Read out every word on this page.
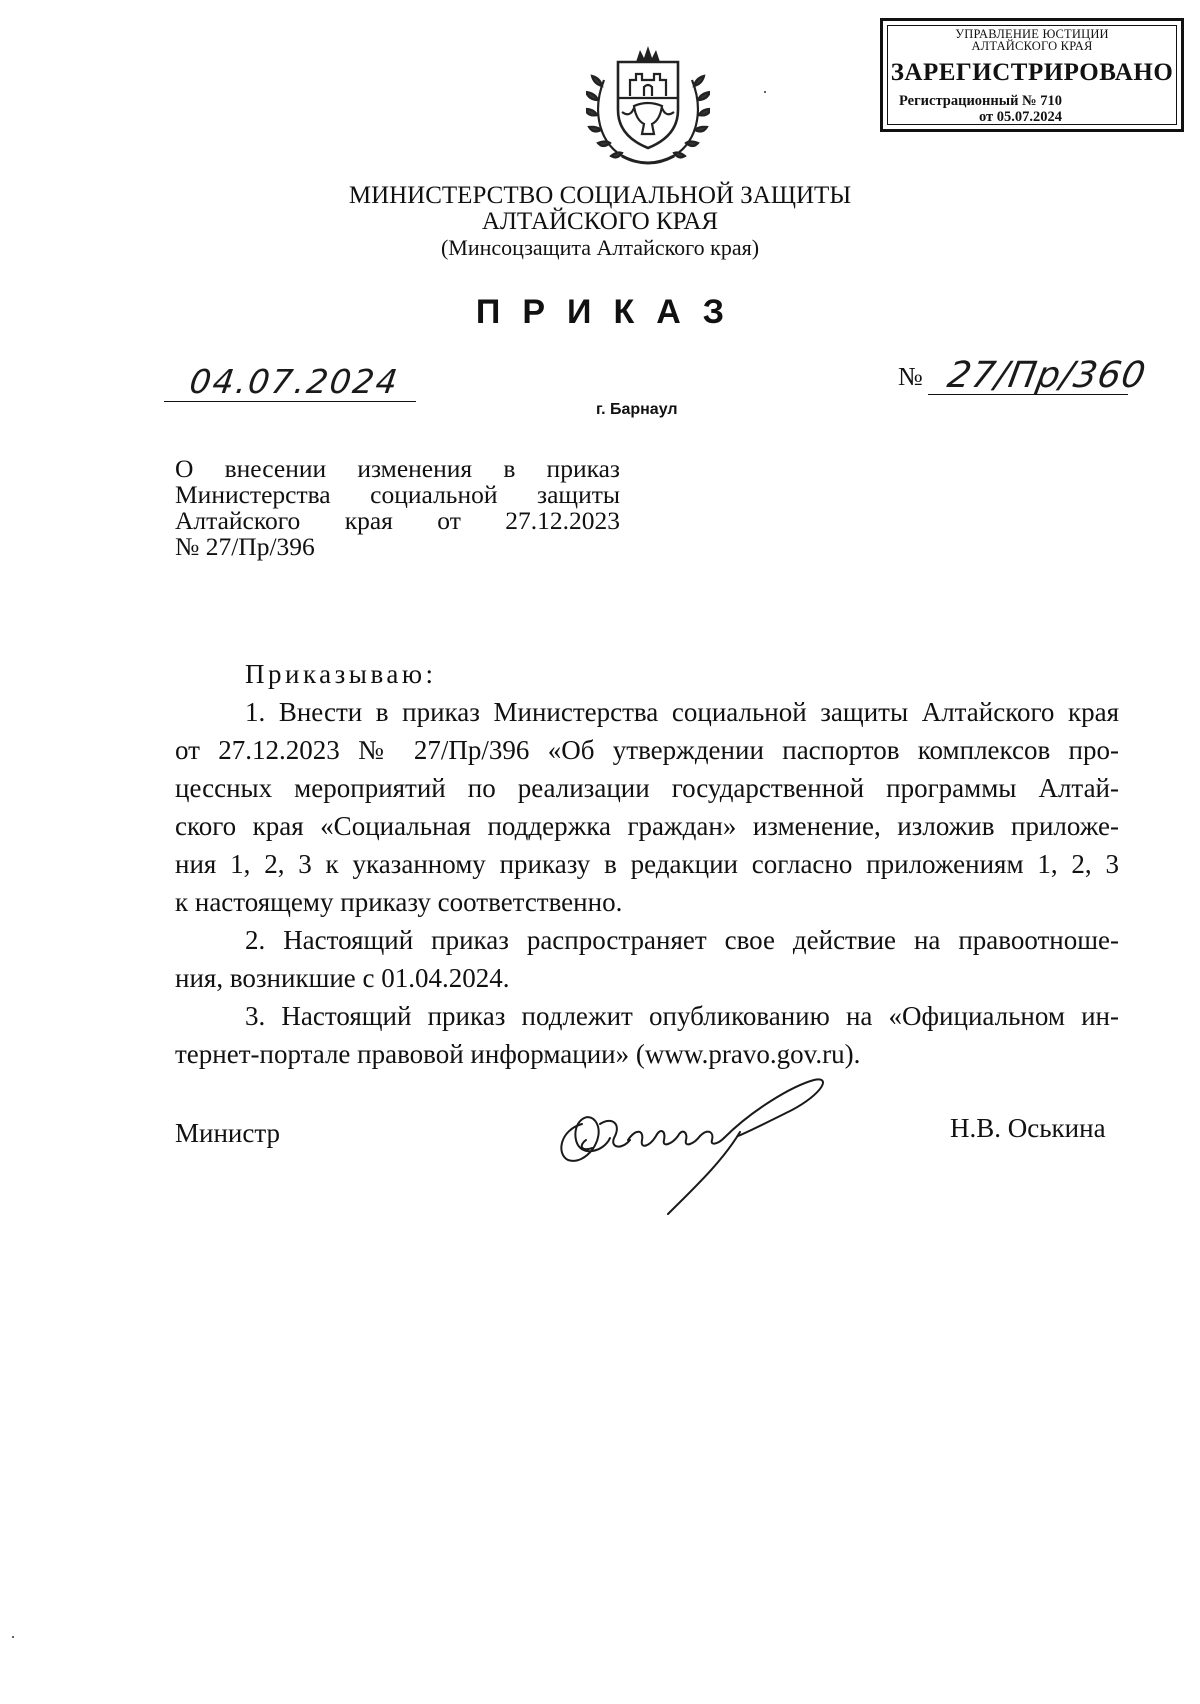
УПРАВЛЕНИЕ ЮСТИЦИИ
АЛТАЙСКОГО КРАЯ
ЗАРЕГИСТРИРОВАНО
Регистрационный № 710
от 05.07.2024
МИНИСТЕРСТВО СОЦИАЛЬНОЙ ЗАЩИТЫ
АЛТАЙСКОГО КРАЯ
(Минсоцзащита Алтайского края)
ПРИКАЗ
04.07.2024	№ 27/Пр/360
г. Барнаул
О внесении изменения в приказ
Министерства социальной защиты
Алтайского края от 27.12.2023
№ 27/Пр/396
Приказываю:
1. Внести в приказ Министерства социальной защиты Алтайского края
от 27.12.2023 № 27/Пр/396 «Об утверждении паспортов комплексов про-
цессных мероприятий по реализации государственной программы Алтай-
ского края «Социальная поддержка граждан» изменение, изложив приложе-
ния 1, 2, 3 к указанному приказу в редакции согласно приложениям 1, 2, 3
к настоящему приказу соответственно.
2. Настоящий приказ распространяет свое действие на правоотноше-
ния, возникшие с 01.04.2024.
3. Настоящий приказ подлежит опубликованию на «Официальном ин-
тернет-портале правовой информации» (www.pravo.gov.ru).
Министр	Н.В. Оськина
